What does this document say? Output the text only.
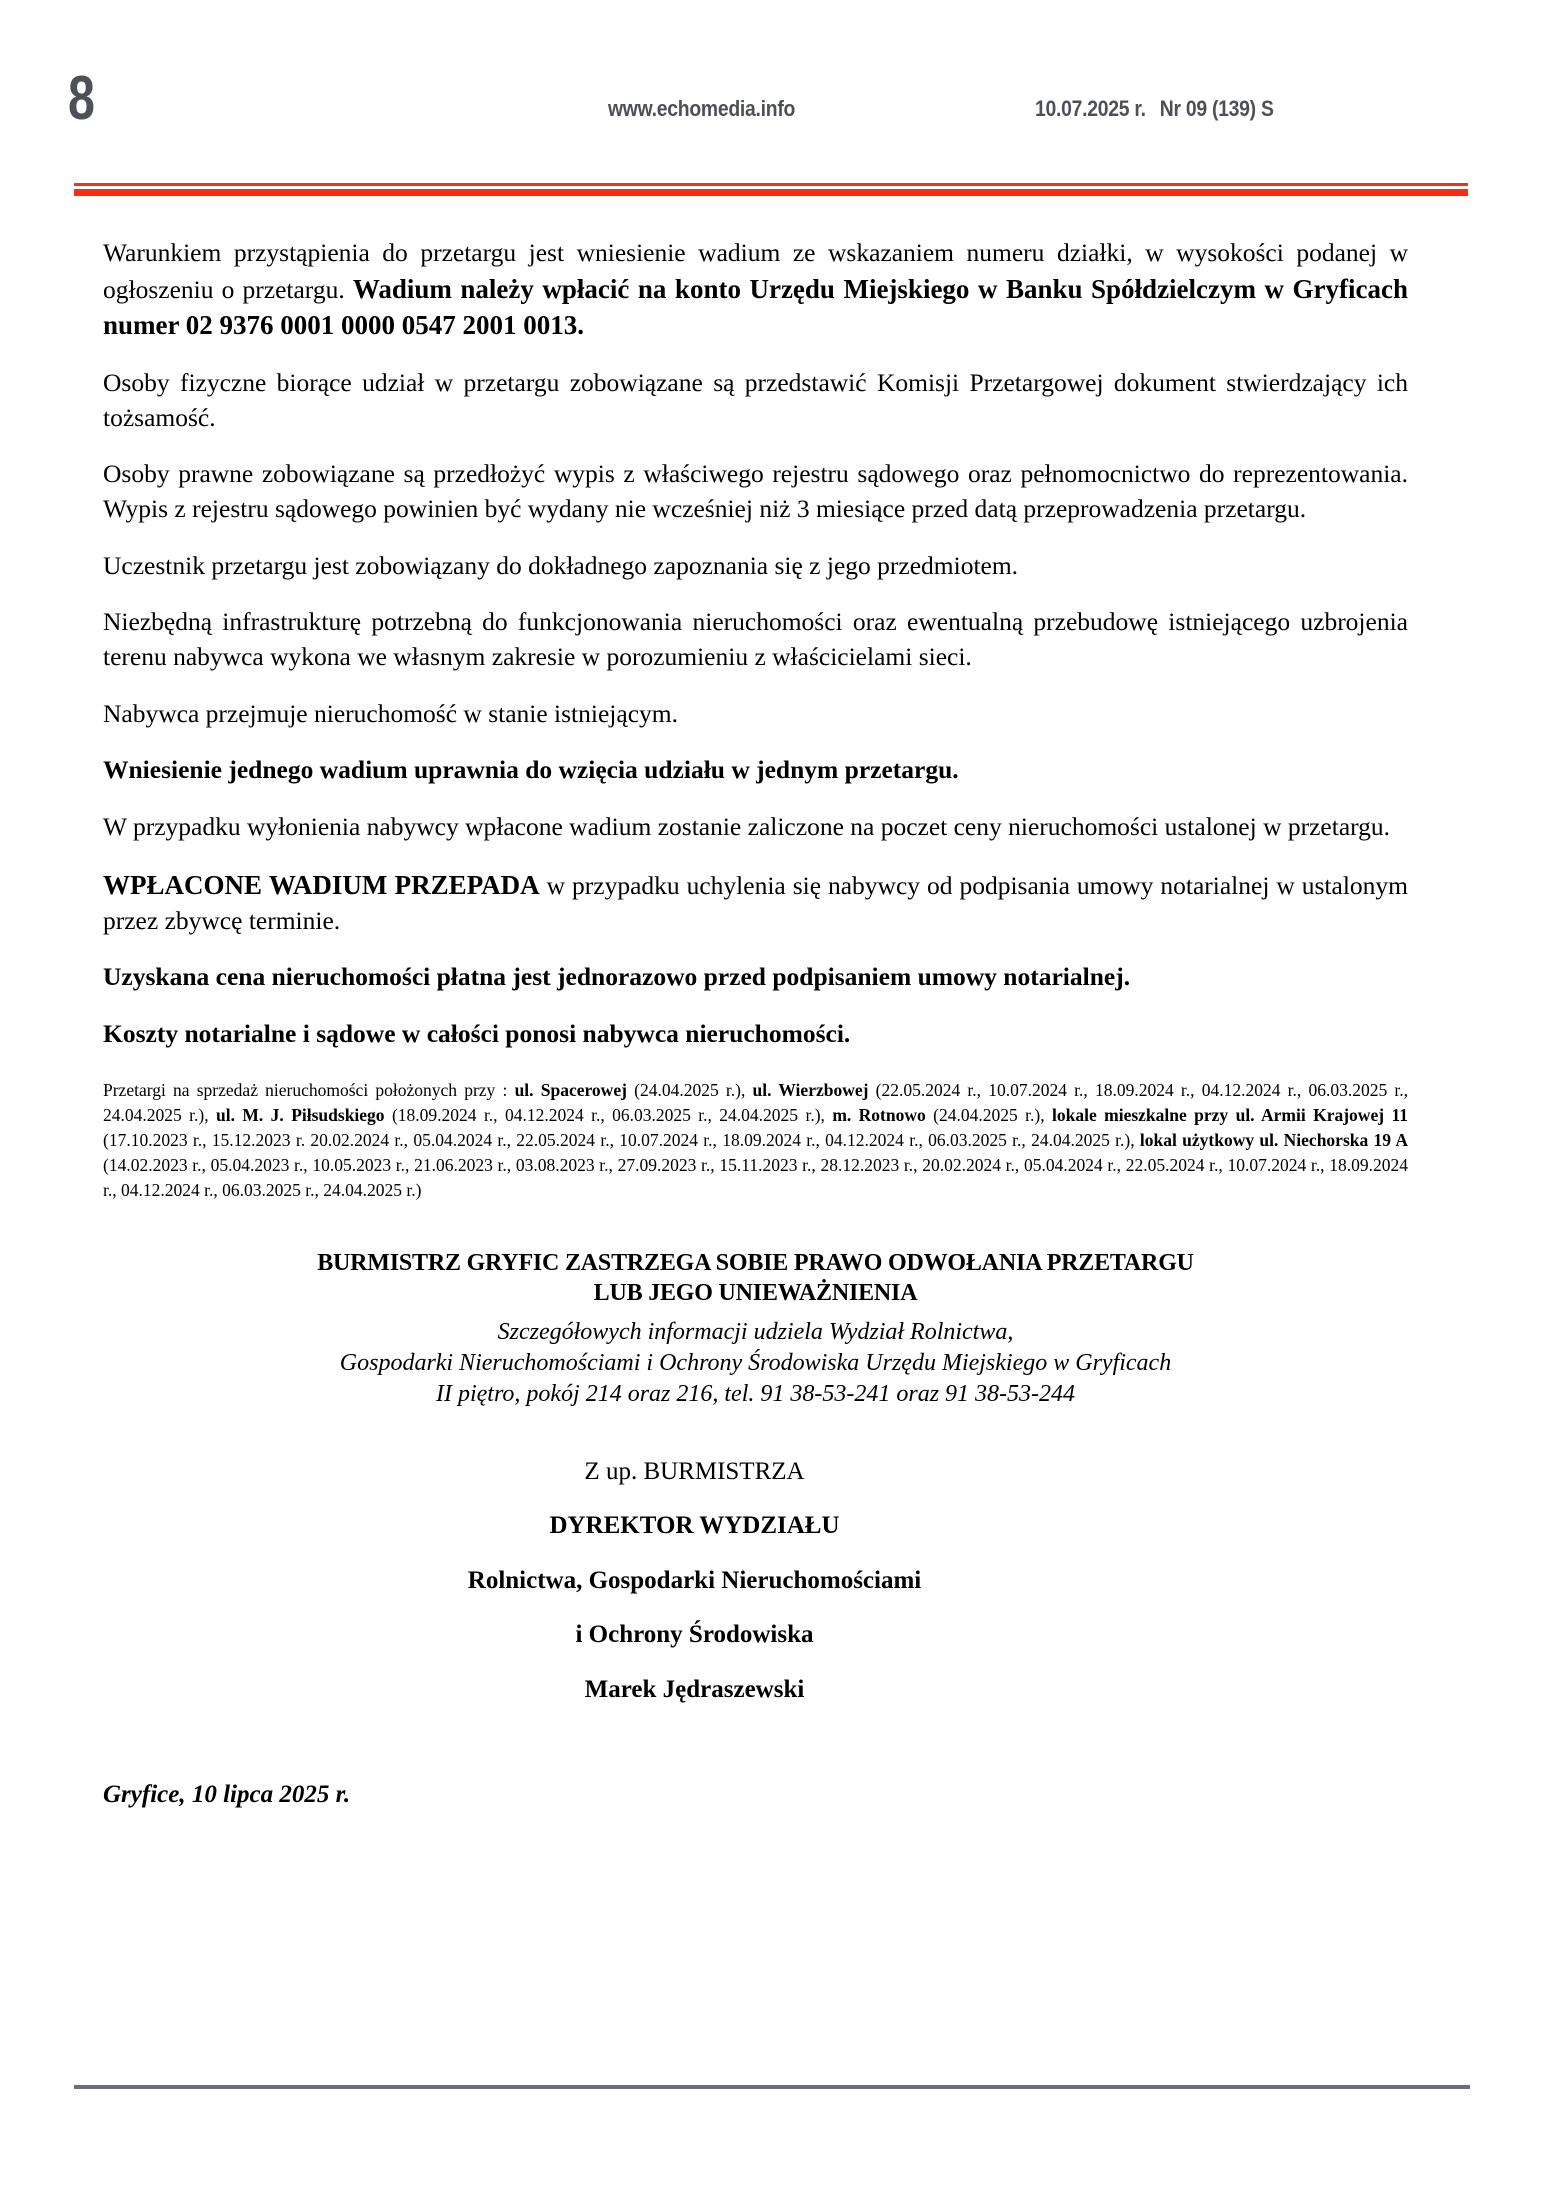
8	www.echomedia.info	10.07.2025 r. Nr 09 (139) S

Warunkiem przystąpienia do przetargu jest wniesienie wadium ze wskazaniem numeru działki, w wysokości podanej w ogłoszeniu o przetargu. Wadium należy wpłacić na konto Urzędu Miejskiego w Banku Spółdzielczym w Gryficach numer 02 9376 0001 0000 0547 2001 0013.

Osoby fizyczne biorące udział w przetargu zobowiązane są przedstawić Komisji Przetargowej dokument stwierdzający ich tożsamość.

Osoby prawne zobowiązane są przedłożyć wypis z właściwego rejestru sądowego oraz pełnomocnictwo do reprezentowania. Wypis z rejestru sądowego powinien być wydany nie wcześniej niż 3 miesiące przed datą przeprowadzenia przetargu.

Uczestnik przetargu jest zobowiązany do dokładnego zapoznania się z jego przedmiotem.

Niezbędną infrastrukturę potrzebną do funkcjonowania nieruchomości oraz ewentualną przebudowę istniejącego uzbrojenia terenu nabywca wykona we własnym zakresie w porozumieniu z właścicielami sieci.

Nabywca przejmuje nieruchomość w stanie istniejącym.

Wniesienie jednego wadium uprawnia do wzięcia udziału w jednym przetargu.

W przypadku wyłonienia nabywcy wpłacone wadium zostanie zaliczone na poczet ceny nieruchomości ustalonej w przetargu.

WPŁACONE WADIUM PRZEPADA w przypadku uchylenia się nabywcy od podpisania umowy notarialnej w ustalonym przez zbywcę terminie.

Uzyskana cena nieruchomości płatna jest jednorazowo przed podpisaniem umowy notarialnej.

Koszty notarialne i sądowe w całości ponosi nabywca nieruchomości.

Przetargi na sprzedaż nieruchomości położonych przy : ul. Spacerowej (24.04.2025 r.), ul. Wierzbowej (22.05.2024 r., 10.07.2024 r., 18.09.2024 r., 04.12.2024 r., 06.03.2025 r., 24.04.2025 r.), ul. M. J. Piłsudskiego (18.09.2024 r., 04.12.2024 r., 06.03.2025 r., 24.04.2025 r.), m. Rotnowo (24.04.2025 r.), lokale mieszkalne przy ul. Armii Krajowej 11 (17.10.2023 r., 15.12.2023 r. 20.02.2024 r., 05.04.2024 r., 22.05.2024 r., 10.07.2024 r., 18.09.2024 r., 04.12.2024 r., 06.03.2025 r., 24.04.2025 r.), lokal użytkowy ul. Niechorska 19 A (14.02.2023 r., 05.04.2023 r., 10.05.2023 r., 21.06.2023 r., 03.08.2023 r., 27.09.2023 r., 15.11.2023 r., 28.12.2023 r., 20.02.2024 r., 05.04.2024 r., 22.05.2024 r., 10.07.2024 r., 18.09.2024 r., 04.12.2024 r., 06.03.2025 r., 24.04.2025 r.)

BURMISTRZ GRYFIC ZASTRZEGA SOBIE PRAWO ODWOŁANIA PRZETARGU
LUB JEGO UNIEWAŻNIENIA
Szczegółowych informacji udziela Wydział Rolnictwa,
Gospodarki Nieruchomościami i Ochrony Środowiska Urzędu Miejskiego w Gryficach
II piętro, pokój 214 oraz 216, tel. 91 38-53-241 oraz 91 38-53-244
Z up. BURMISTRZA
DYREKTOR WYDZIAŁU
Rolnictwa, Gospodarki Nieruchomościami
i Ochrony Środowiska
Marek Jędraszewski
Gryfice, 10 lipca 2025 r.
